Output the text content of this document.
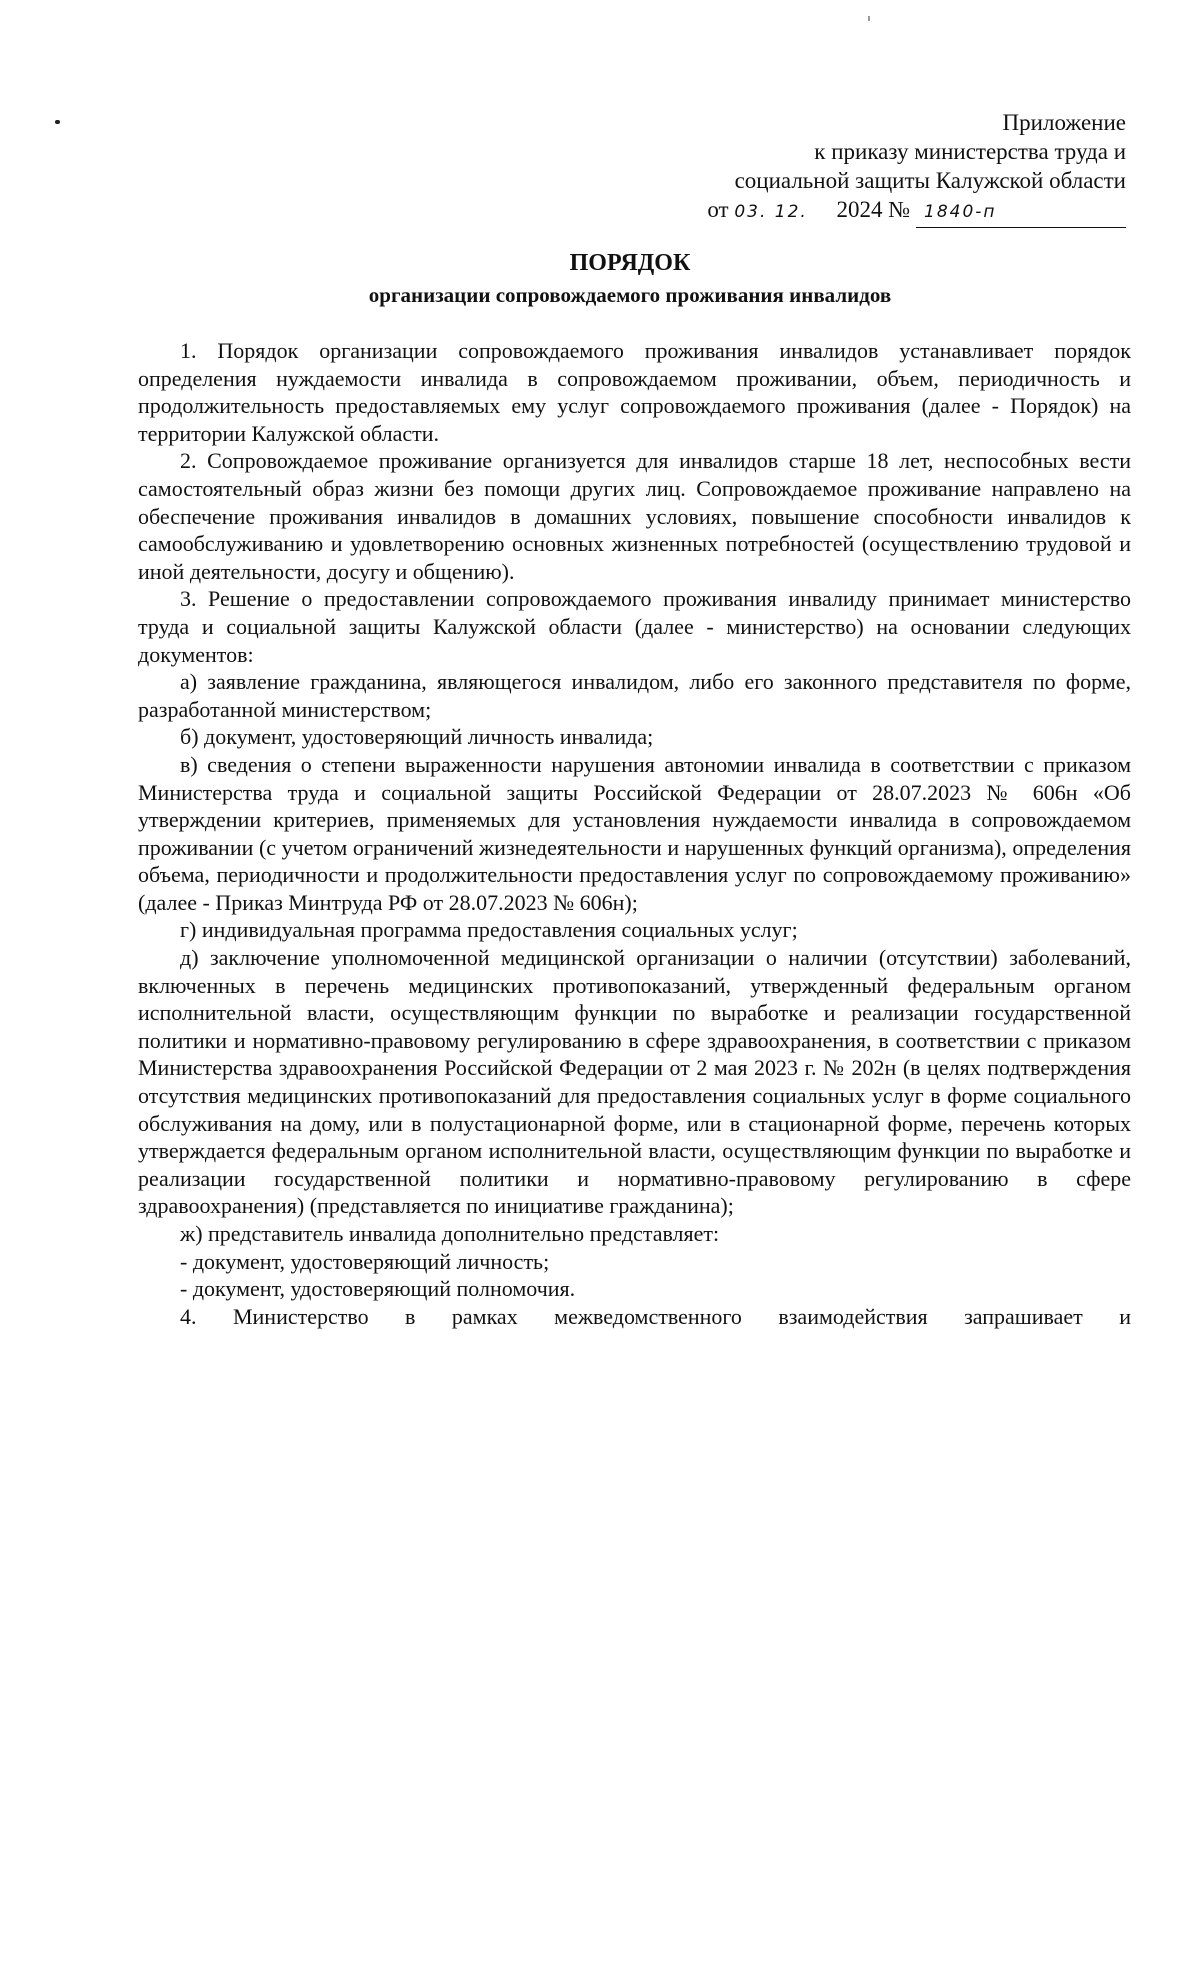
Приложение
к приказу министерства труда и
социальной защиты Калужской области
от 03. 12. 2024 № 1840-п
ПОРЯДОК
организации сопровождаемого проживания инвалидов

1. Порядок организации сопровождаемого проживания инвалидов устанавливает порядок определения нуждаемости инвалида в сопровождаемом проживании, объем, периодичность и продолжительность предоставляемых ему услуг сопровождаемого проживания (далее - Порядок) на территории Калужской области.

2. Сопровождаемое проживание организуется для инвалидов старше 18 лет, неспособных вести самостоятельный образ жизни без помощи других лиц. Сопровождаемое проживание направлено на обеспечение проживания инвалидов в домашних условиях, повышение способности инвалидов к самообслуживанию и удовлетворению основных жизненных потребностей (осуществлению трудовой и иной деятельности, досугу и общению).

3. Решение о предоставлении сопровождаемого проживания инвалиду принимает министерство труда и социальной защиты Калужской области (далее - министерство) на основании следующих документов:

а) заявление гражданина, являющегося инвалидом, либо его законного представителя по форме, разработанной министерством;

б) документ, удостоверяющий личность инвалида;

в) сведения о степени выраженности нарушения автономии инвалида в соответствии с приказом Министерства труда и социальной защиты Российской Федерации от 28.07.2023 № 606н «Об утверждении критериев, применяемых для установления нуждаемости инвалида в сопровождаемом проживании (с учетом ограничений жизнедеятельности и нарушенных функций организма), определения объема, периодичности и продолжительности предоставления услуг по сопровождаемому проживанию» (далее - Приказ Минтруда РФ от 28.07.2023 № 606н);

г) индивидуальная программа предоставления социальных услуг;

д) заключение уполномоченной медицинской организации о наличии (отсутствии) заболеваний, включенных в перечень медицинских противопоказаний, утвержденный федеральным органом исполнительной власти, осуществляющим функции по выработке и реализации государственной политики и нормативно-правовому регулированию в сфере здравоохранения, в соответствии с приказом Министерства здравоохранения Российской Федерации от 2 мая 2023 г. № 202н (в целях подтверждения отсутствия медицинских противопоказаний для предоставления социальных услуг в форме социального обслуживания на дому, или в полустационарной форме, или в стационарной форме, перечень которых утверждается федеральным органом исполнительной власти, осуществляющим функции по выработке и реализации государственной политики и нормативно-правовому регулированию в сфере здравоохранения) (представляется по инициативе гражданина);

ж) представитель инвалида дополнительно представляет:

- документ, удостоверяющий личность;

- документ, удостоверяющий полномочия.

4. Министерство в рамках межведомственного взаимодействия запрашивает и
